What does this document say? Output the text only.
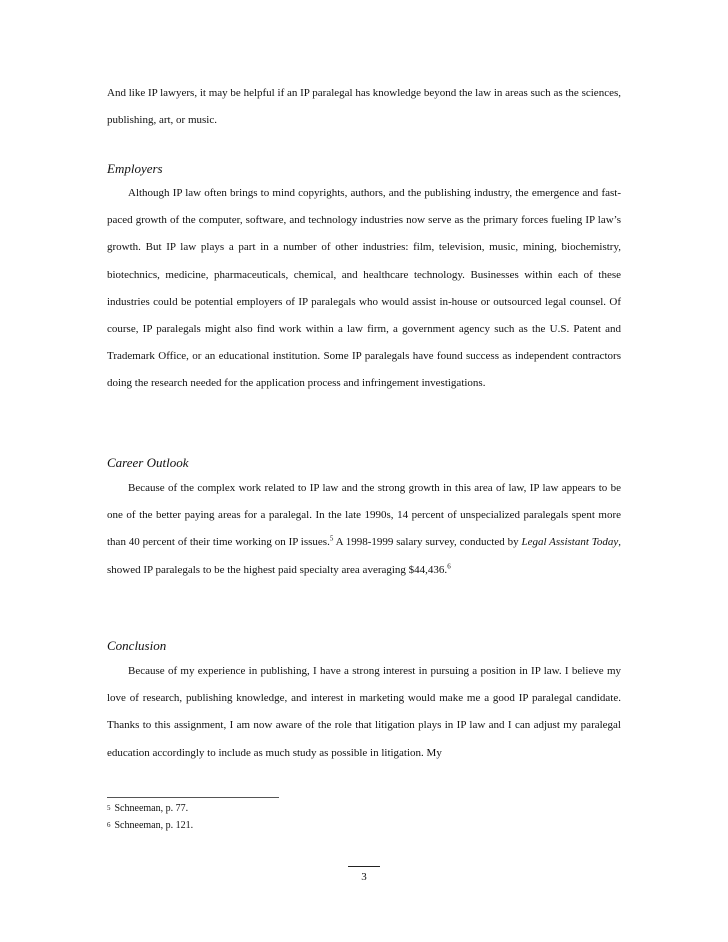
And like IP lawyers, it may be helpful if an IP paralegal has knowledge beyond the law in areas such as the sciences, publishing, art, or music.

Employers

Although IP law often brings to mind copyrights, authors, and the publishing industry, the emergence and fast-paced growth of the computer, software, and technology industries now serve as the primary forces fueling IP law’s growth. But IP law plays a part in a number of other industries: film, television, music, mining, biochemistry, biotechnics, medicine, pharmaceuticals, chemical, and healthcare technology. Businesses within each of these industries could be potential employers of IP paralegals who would assist in-house or outsourced legal counsel. Of course, IP paralegals might also find work within a law firm, a government agency such as the U.S. Patent and Trademark Office, or an educational institution. Some IP paralegals have found success as independent contractors doing the research needed for the application process and infringement investigations.

Career Outlook

Because of the complex work related to IP law and the strong growth in this area of law, IP law appears to be one of the better paying areas for a paralegal. In the late 1990s, 14 percent of unspecialized paralegals spent more than 40 percent of their time working on IP issues.$^5$ A 1998-1999 salary survey, conducted by Legal Assistant Today, showed IP paralegals to be the highest paid specialty area averaging $44,436.$^6$

Conclusion

Because of my experience in publishing, I have a strong interest in pursuing a position in IP law. I believe my love of research, publishing knowledge, and interest in marketing would make me a good IP paralegal candidate. Thanks to this assignment, I am now aware of the role that litigation plays in IP law and I can adjust my paralegal education accordingly to include as much study as possible in litigation. My

$^5$ Schneeman, p. 77.
$^6$ Schneeman, p. 121.
3
